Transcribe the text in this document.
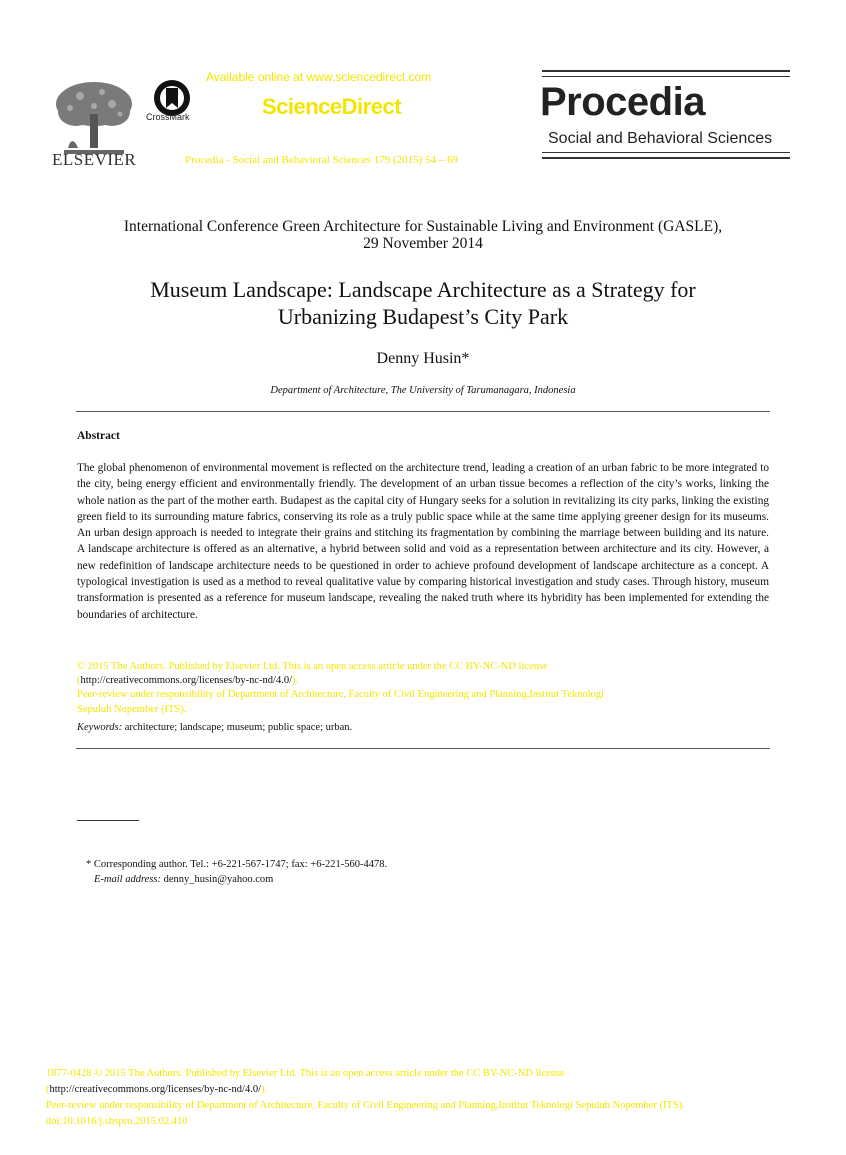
ELSEVIER
CrossMark
Available online at www.sciencedirect.com
ScienceDirect
Procedia - Social and Behavioral Sciences 179 (2015) 54 – 69
Procedia
Social and Behavioral Sciences
International Conference Green Architecture for Sustainable Living and Environment (GASLE),
29 November 2014
Museum Landscape: Landscape Architecture as a Strategy for
Urbanizing Budapest’s City Park
Denny Husin*
Department of Architecture, The University of Tarumanagara, Indonesia
Abstract
The global phenomenon of environmental movement is reflected on the architecture trend, leading a creation of an urban fabric to be more integrated to the city, being energy efficient and environmentally friendly. The development of an urban tissue becomes a reflection of the city’s works, linking the whole nation as the part of the mother earth. Budapest as the capital city of Hungary seeks for a solution in revitalizing its city parks, linking the existing green field to its surrounding mature fabrics, conserving its role as a truly public space while at the same time applying greener design for its museums. An urban design approach is needed to integrate their grains and stitching its fragmentation by combining the marriage between building and its nature. A landscape architecture is offered as an alternative, a hybrid between solid and void as a representation between architecture and its city. However, a new redefinition of landscape architecture needs to be questioned in order to achieve profound development of landscape architecture as a concept. A typological investigation is used as a method to reveal qualitative value by comparing historical investigation and study cases. Through history, museum transformation is presented as a reference for museum landscape, revealing the naked truth where its hybridity has been implemented for extending the boundaries of architecture.
© 2015 The Authors. Published by Elsevier Ltd. This is an open access article under the CC BY-NC-ND license
(http://creativecommons.org/licenses/by-nc-nd/4.0/).
Peer-review under responsibility of Department of Architecture, Faculty of Civil Engineering and Planning,Institut Teknologi
Sepuluh Nopember (ITS).
Keywords: architecture; landscape; museum; public space; urban.
* Corresponding author. Tel.: +6-221-567-1747; fax: +6-221-560-4478.
E-mail address: denny_husin@yahoo.com
1877-0428 © 2015 The Authors. Published by Elsevier Ltd. This is an open access article under the CC BY-NC-ND license
(http://creativecommons.org/licenses/by-nc-nd/4.0/).
Peer-review under responsibility of Department of Architecture, Faculty of Civil Engineering and Planning,Institut Teknologi Sepuluh Nopember (ITS).
doi:10.1016/j.sbspro.2015.02.410
